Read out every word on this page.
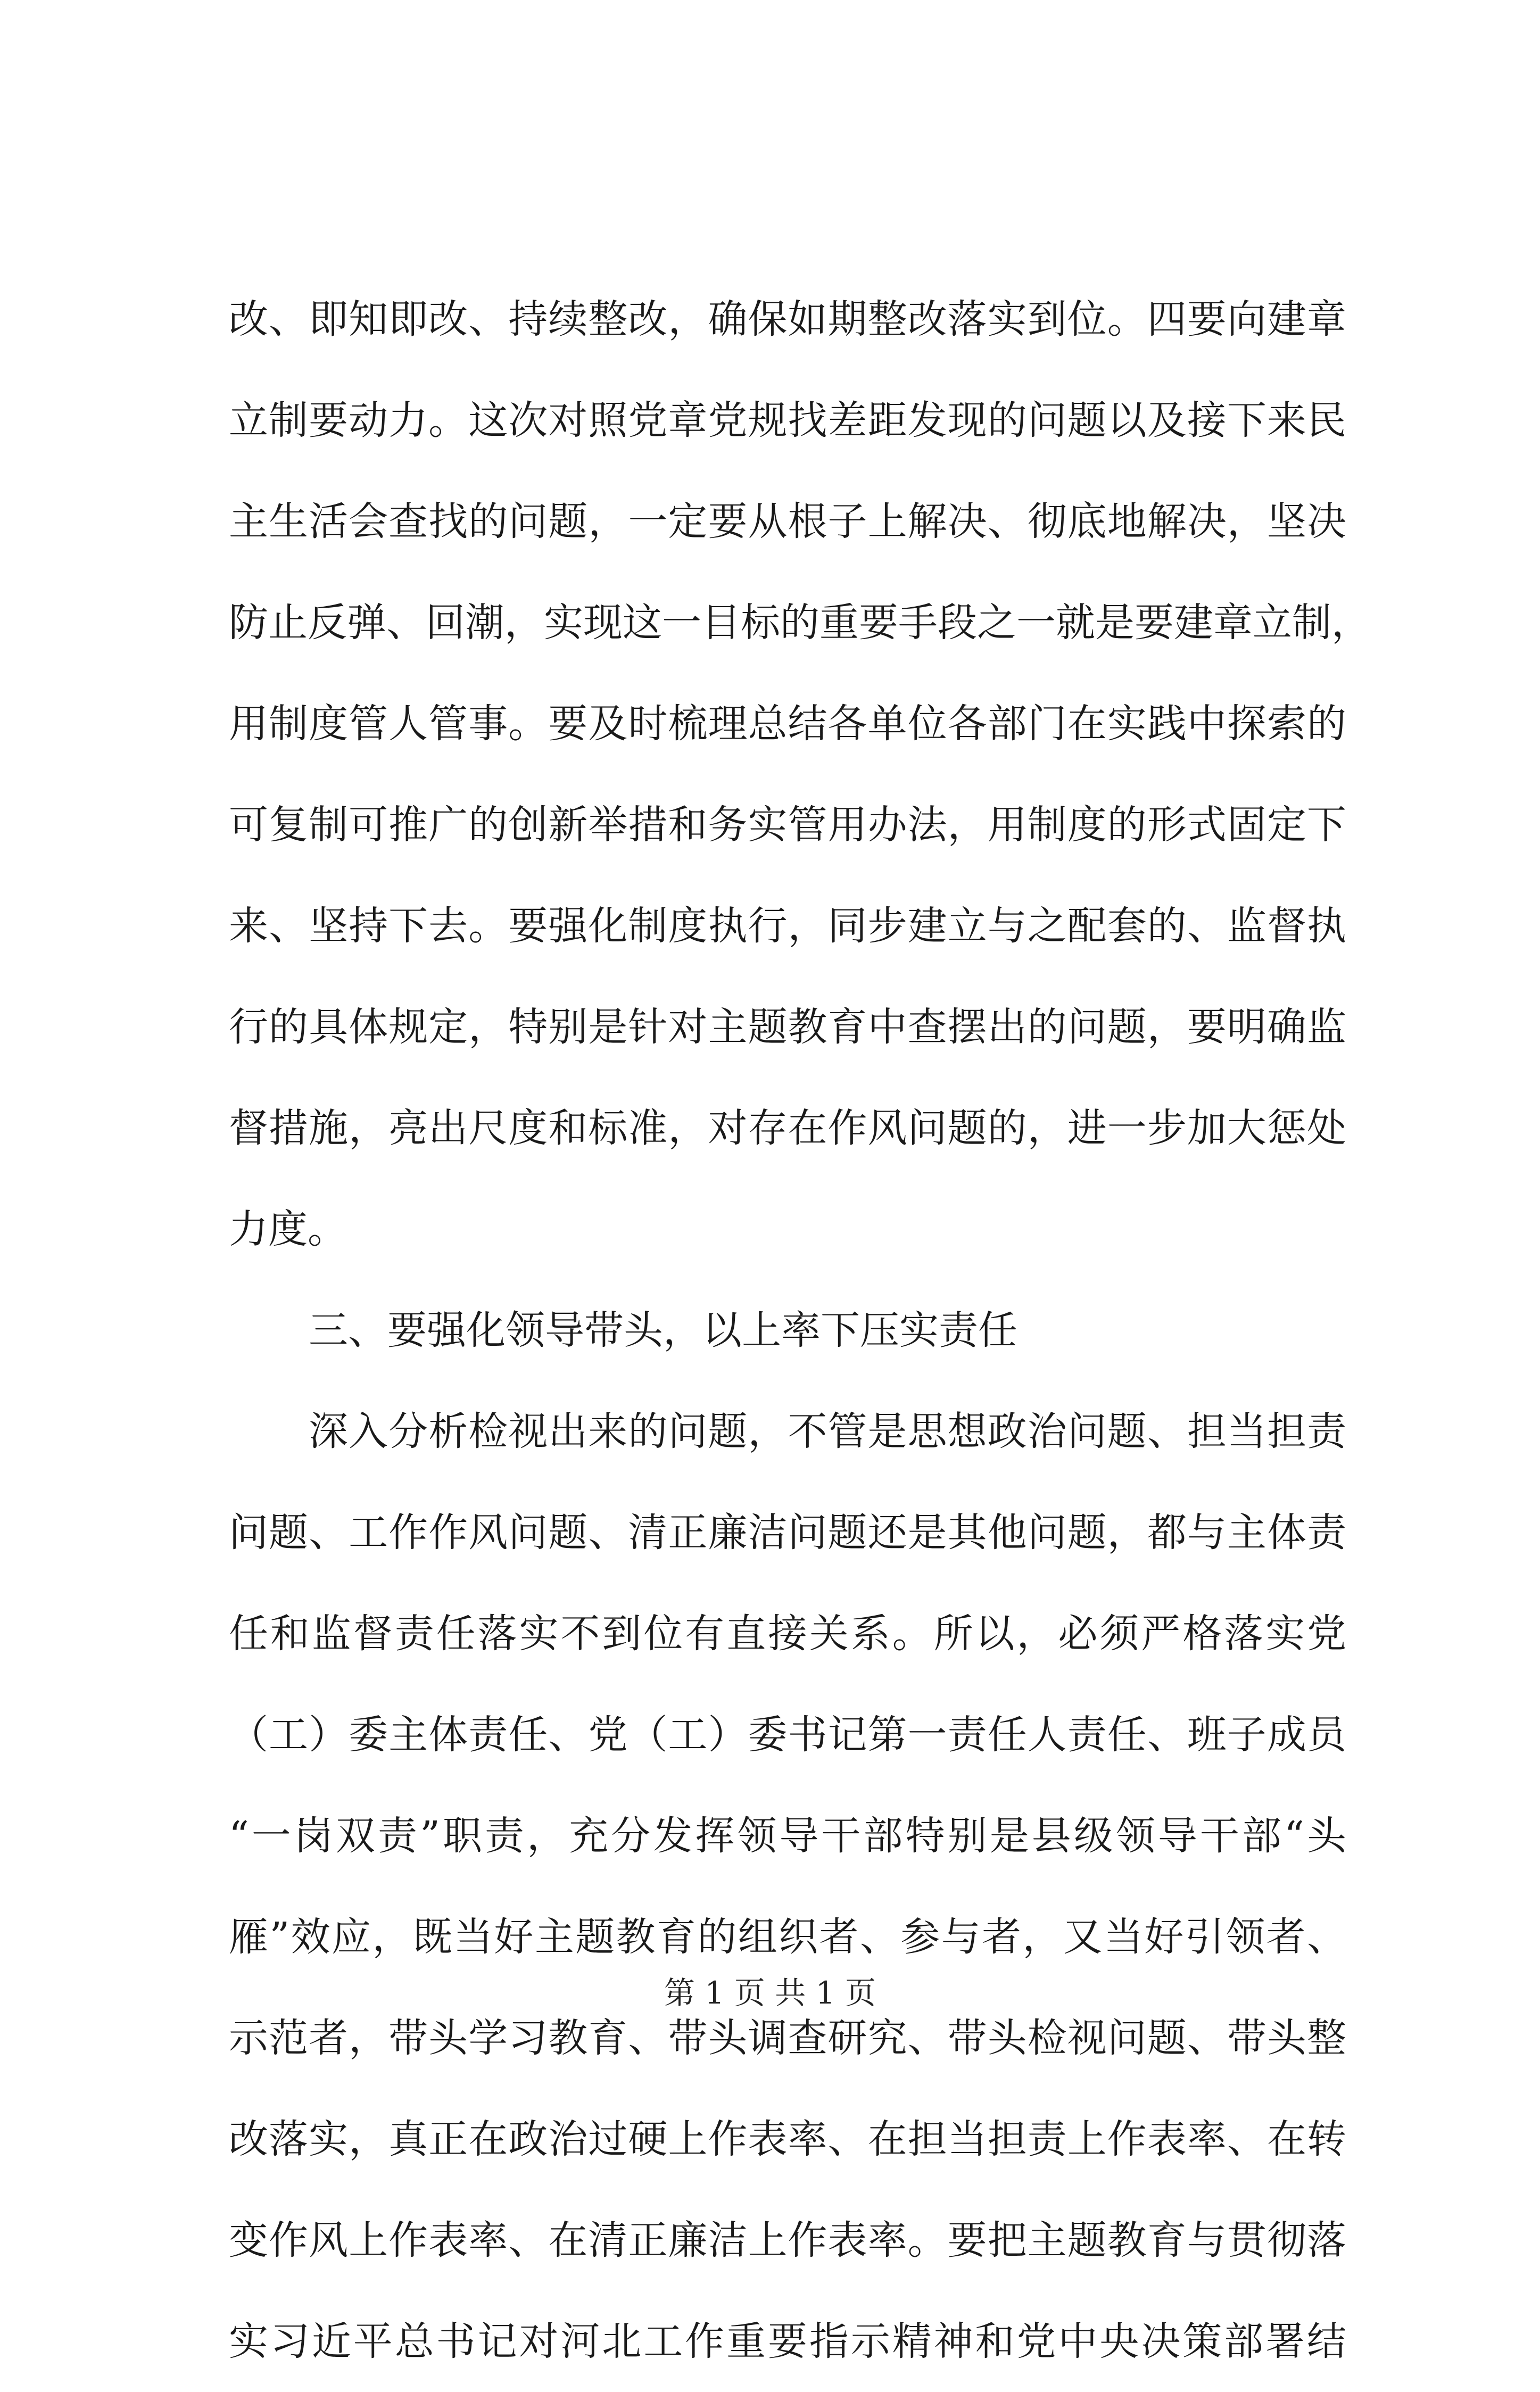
改、即知即改、持续整改，确保如期整改落实到位。四要向建章
立制要动力。这次对照党章党规找差距发现的问题以及接下来民
主生活会查找的问题，一定要从根子上解决、彻底地解决，坚决
防止反弹、回潮，实现这一目标的重要手段之一就是要建章立制，
用制度管人管事。要及时梳理总结各单位各部门在实践中探索的
可复制可推广的创新举措和务实管用办法，用制度的形式固定下
来、坚持下去。要强化制度执行，同步建立与之配套的、监督执
行的具体规定，特别是针对主题教育中查摆出的问题，要明确监
督措施，亮出尺度和标准，对存在作风问题的，进一步加大惩处
力度。
三、要强化领导带头，以上率下压实责任
深入分析检视出来的问题，不管是思想政治问题、担当担责
问题、工作作风问题、清正廉洁问题还是其他问题，都与主体责
任和监督责任落实不到位有直接关系。所以，必须严格落实党
（工）委主体责任、党（工）委书记第一责任人责任、班子成员
“一岗双责”职责，充分发挥领导干部特别是县级领导干部“头
雁”效应，既当好主题教育的组织者、参与者，又当好引领者、
示范者，带头学习教育、带头调查研究、带头检视问题、带头整
改落实，真正在政治过硬上作表率、在担当担责上作表率、在转
变作风上作表率、在清正廉洁上作表率。要把主题教育与贯彻落
实习近平总书记对河北工作重要指示精神和党中央决策部署结
第 1 页 共 1 页
